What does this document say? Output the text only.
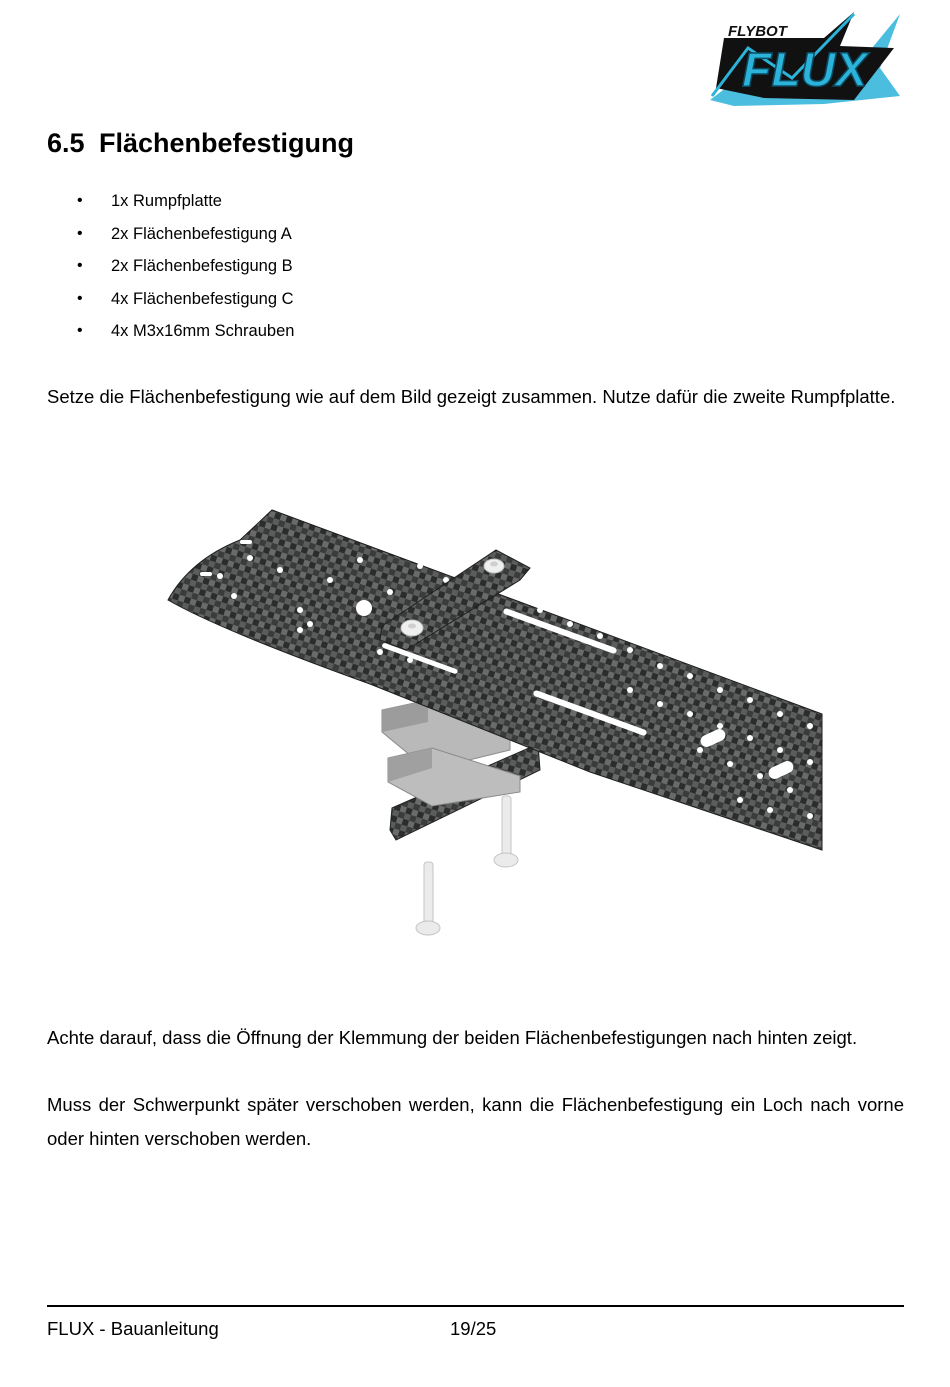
FLYBOT
FLUX
6.5 Flächenbefestigung
• 1x Rumpfplatte
• 2x Flächenbefestigung A
• 2x Flächenbefestigung B
• 4x Flächenbefestigung C
• 4x M3x16mm Schrauben

Setze die Flächenbefestigung wie auf dem Bild gezeigt zusammen. Nutze dafür die zweite Rumpfplatte.

Achte darauf, dass die Öffnung der Klemmung der beiden Flächenbefestigungen nach hinten zeigt.

Muss der Schwerpunkt später verschoben werden, kann die Flächenbefestigung ein Loch nach vorne oder hinten verschoben werden.

FLUX - Bauanleitung	19/25
